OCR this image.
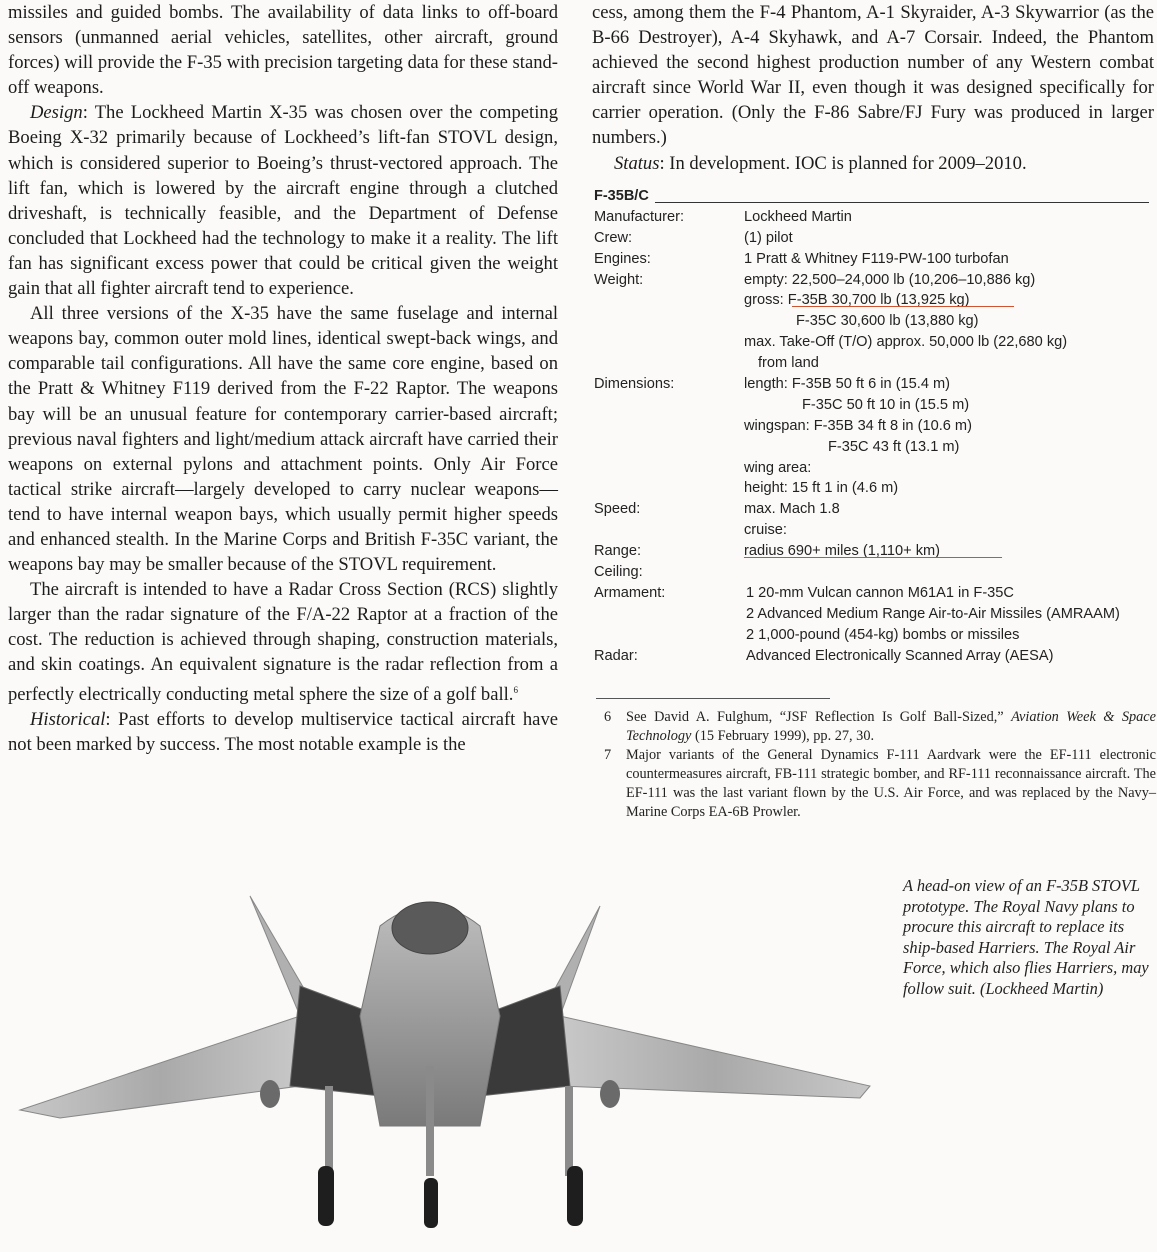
missiles and guided bombs. The availability of data links to off-board sensors (unmanned aerial vehicles, satellites, other aircraft, ground forces) will provide the F-35 with precision targeting data for these stand-off weapons.

Design: The Lockheed Martin X-35 was chosen over the competing Boeing X-32 primarily because of Lockheed’s lift-fan STOVL design, which is considered superior to Boeing’s thrust-vectored approach. The lift fan, which is lowered by the aircraft engine through a clutched driveshaft, is technically feasible, and the Department of Defense concluded that Lockheed had the technology to make it a reality. The lift fan has significant excess power that could be critical given the weight gain that all fighter aircraft tend to experience.

All three versions of the X-35 have the same fuselage and internal weapons bay, common outer mold lines, identical swept-back wings, and comparable tail configurations. All have the same core engine, based on the Pratt & Whitney F119 derived from the F-22 Raptor. The weapons bay will be an unusual feature for contemporary carrier-based aircraft; previous naval fighters and light/medium attack aircraft have carried their weapons on external pylons and attachment points. Only Air Force tactical strike aircraft—largely developed to carry nuclear weapons—tend to have internal weapon bays, which usually permit higher speeds and enhanced stealth. In the Marine Corps and British F-35C variant, the weapons bay may be smaller because of the STOVL requirement.

The aircraft is intended to have a Radar Cross Section (RCS) slightly larger than the radar signature of the F/A-22 Raptor at a fraction of the cost. The reduction is achieved through shaping, construction materials, and skin coatings. An equivalent signature is the radar reflection from a perfectly electrically conducting metal sphere the size of a golf ball.$^6$

Historical: Past efforts to develop multiservice tactical aircraft have not been marked by success. The most notable example is the

cess, among them the F-4 Phantom, A-1 Skyraider, A-3 Skywarrior (as the B-66 Destroyer), A-4 Skyhawk, and A-7 Corsair. Indeed, the Phantom achieved the second highest production number of any Western combat aircraft since World War II, even though it was designed specifically for carrier operation. (Only the F-86 Sabre/FJ Fury was produced in larger numbers.)

Status: In development. IOC is planned for 2009–2010.

F-35B/C
Manufacturer:	Lockheed Martin
Crew:	(1) pilot
Engines:	1 Pratt & Whitney F119-PW-100 turbofan
Weight:	empty: 22,500–24,000 lb (10,206–10,886 kg)
gross: F-35B 30,700 lb (13,925 kg)
F-35C 30,600 lb (13,880 kg)
max. Take-Off (T/O) approx. 50,000 lb (22,680 kg)
from land
Dimensions:	length: F-35B 50 ft 6 in (15.4 m)
F-35C 50 ft 10 in (15.5 m)
wingspan: F-35B 34 ft 8 in (10.6 m)
F-35C 43 ft (13.1 m)
wing area:
height: 15 ft 1 in (4.6 m)
Speed:	max. Mach 1.8
cruise:
Range:	radius 690+ miles (1,110+ km)
Ceiling:
Armament:	1 20-mm Vulcan cannon M61A1 in F-35C
2 Advanced Medium Range Air-to-Air Missiles (AMRAAM)
2 1,000-pound (454-kg) bombs or missiles
Radar:	Advanced Electronically Scanned Array (AESA)
6	See David A. Fulghum, “JSF Reflection Is Golf Ball-Sized,” Aviation Week & Space Technology (15 February 1999), pp. 27, 30.
7	Major variants of the General Dynamics F-111 Aardvark were the EF-111 electronic countermeasures aircraft, FB-111 strategic bomber, and RF-111 reconnaissance aircraft. The EF-111 was the last variant flown by the U.S. Air Force, and was replaced by the Navy–Marine Corps EA-6B Prowler.
A head-on view of an F-35B STOVL prototype. The Royal Navy plans to procure this aircraft to replace its ship-based Harriers. The Royal Air Force, which also flies Harriers, may follow suit. (Lockheed Martin)
